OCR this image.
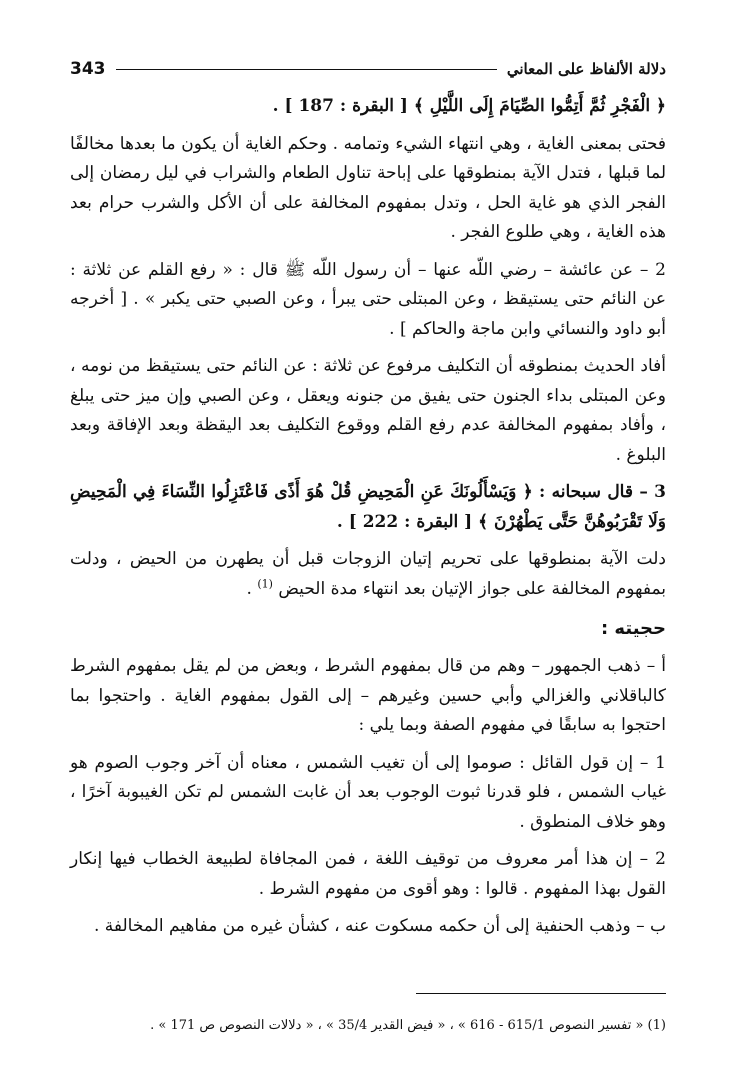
دلالة الألفاظ على المعاني
343

﴿ الْفَجْرِ ثُمَّ أَتِمُّوا الصِّيَامَ إِلَى اللَّيْلِ ﴾ [ البقرة : 187 ] .

فحتى بمعنى الغاية ، وهي انتهاء الشيء وتمامه . وحكم الغاية أن يكون ما بعدها مخالفًا لما قبلها ، فتدل الآية بمنطوقها على إباحة تناول الطعام والشراب في ليل رمضان إلى الفجر الذي هو غاية الحل ، وتدل بمفهوم المخالفة على أن الأكل والشرب حرام بعد هذه الغاية ، وهي طلوع الفجر .

2 – عن عائشة – رضي اللّه عنها – أن رسول اللّه ﷺ قال : « رفع القلم عن ثلاثة : عن النائم حتى يستيقظ ، وعن المبتلى حتى يبرأ ، وعن الصبي حتى يكبر » . [ أخرجه أبو داود والنسائي وابن ماجة والحاكم ] .

أفاد الحديث بمنطوقه أن التكليف مرفوع عن ثلاثة : عن النائم حتى يستيقظ من نومه ، وعن المبتلى بداء الجنون حتى يفيق من جنونه ويعقل ، وعن الصبي وإن ميز حتى يبلغ ، وأفاد بمفهوم المخالفة عدم رفع القلم ووقوع التكليف بعد اليقظة وبعد الإفاقة وبعد البلوغ .

3 – قال سبحانه : ﴿ وَيَسْأَلُونَكَ عَنِ الْمَحِيضِ قُلْ هُوَ أَذًى فَاعْتَزِلُوا النِّسَاءَ فِي الْمَحِيضِ وَلَا تَقْرَبُوهُنَّ حَتَّى يَطْهُرْنَ ﴾ [ البقرة : 222 ] .

دلت الآية بمنطوقها على تحريم إتيان الزوجات قبل أن يطهرن من الحيض ، ودلت بمفهوم المخالفة على جواز الإتيان بعد انتهاء مدة الحيض $^{(1)}$ .

حجيته :

أ – ذهب الجمهور – وهم من قال بمفهوم الشرط ، وبعض من لم يقل بمفهوم الشرط كالباقلاني والغزالي وأبي حسين وغيرهم – إلى القول بمفهوم الغاية . واحتجوا بما احتجوا به سابقًا في مفهوم الصفة وبما يلي :

1 – إن قول القائل : صوموا إلى أن تغيب الشمس ، معناه أن آخر وجوب الصوم هو غياب الشمس ، فلو قدرنا ثبوت الوجوب بعد أن غابت الشمس لم تكن الغيبوبة آخرًا ، وهو خلاف المنطوق .

2 – إن هذا أمر معروف من توقيف اللغة ، فمن المجافاة لطبيعة الخطاب فيها إنكار القول بهذا المفهوم . قالوا : وهو أقوى من مفهوم الشرط .

ب – وذهب الحنفية إلى أن حكمه مسكوت عنه ، كشأن غيره من مفاهيم المخالفة .

(1) « تفسير النصوص 615/1 - 616 » ، « فيض القدير 35/4 » ، « دلالات النصوص ص 171 » .
